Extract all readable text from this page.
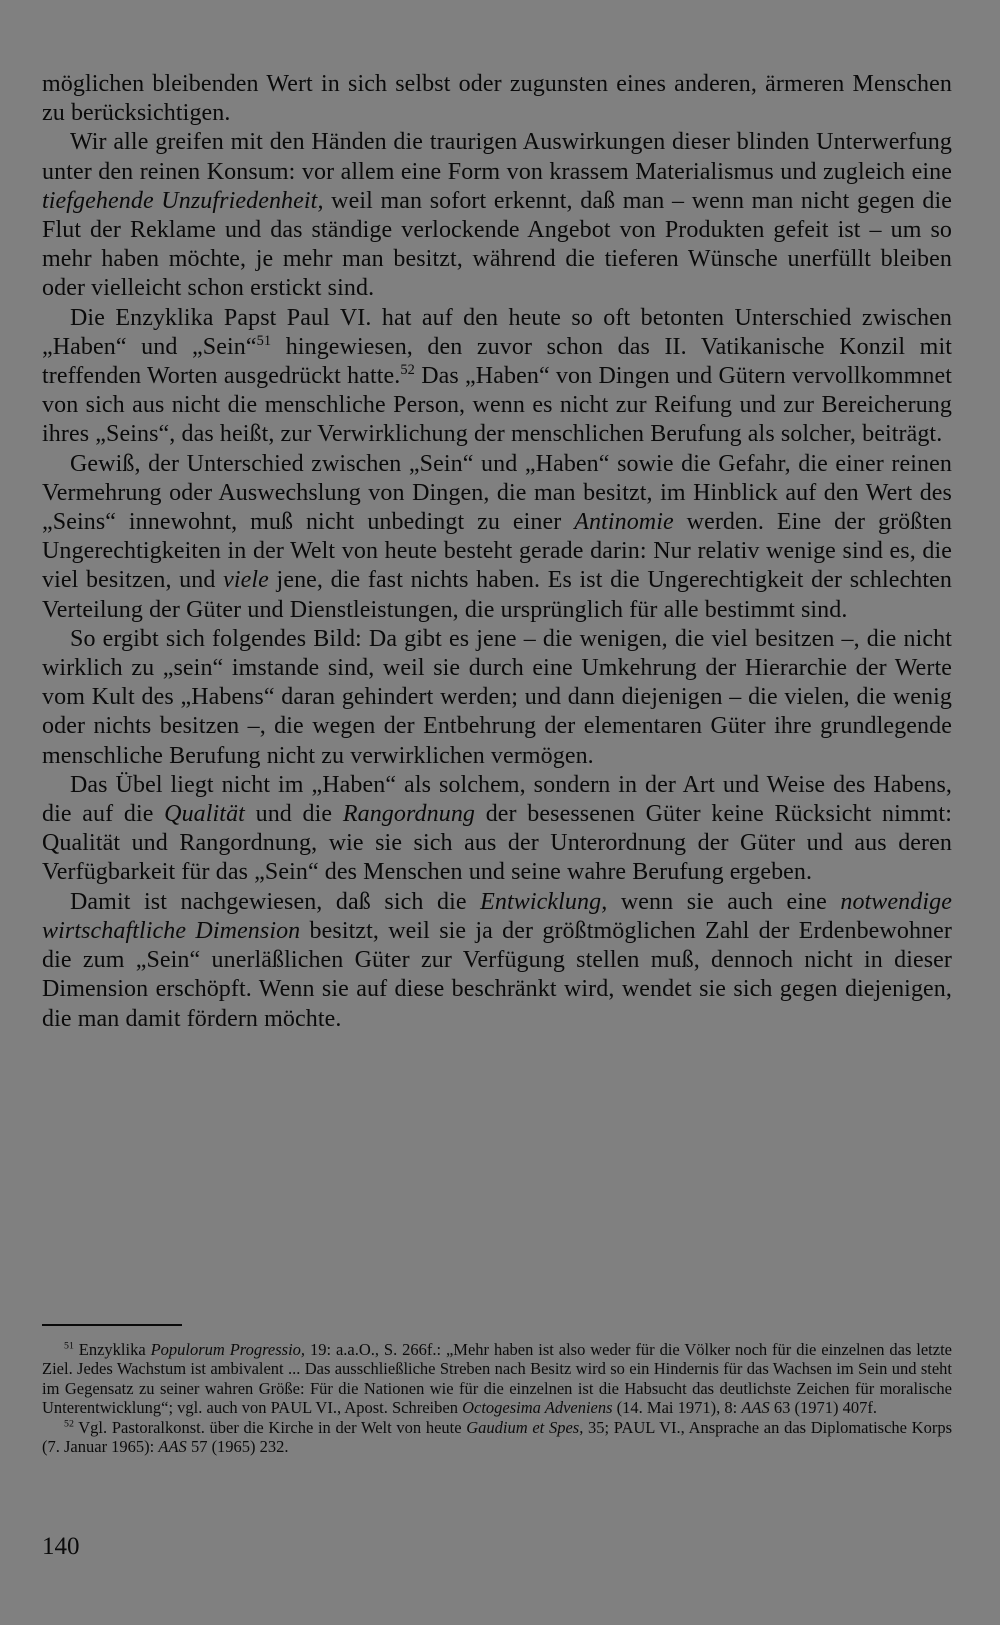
möglichen bleibenden Wert in sich selbst oder zugunsten eines anderen, ärmeren Menschen zu berücksichtigen.

Wir alle greifen mit den Händen die traurigen Auswirkungen dieser blinden Unterwerfung unter den reinen Konsum: vor allem eine Form von krassem Materialismus und zugleich eine tiefgehende Unzufriedenheit, weil man sofort erkennt, daß man – wenn man nicht gegen die Flut der Reklame und das ständige verlockende Angebot von Produkten gefeit ist – um so mehr haben möchte, je mehr man besitzt, während die tieferen Wünsche unerfüllt bleiben oder vielleicht schon erstickt sind.

Die Enzyklika Papst Paul VI. hat auf den heute so oft betonten Unterschied zwischen „Haben“ und „Sein“$^{51}$ hingewiesen, den zuvor schon das II. Vatikanische Konzil mit treffenden Worten ausgedrückt hatte.$^{52}$ Das „Haben“ von Dingen und Gütern vervollkommnet von sich aus nicht die menschliche Person, wenn es nicht zur Reifung und zur Bereicherung ihres „Seins“, das heißt, zur Verwirklichung der menschlichen Berufung als solcher, beiträgt.

Gewiß, der Unterschied zwischen „Sein“ und „Haben“ sowie die Gefahr, die einer reinen Vermehrung oder Auswechslung von Dingen, die man besitzt, im Hinblick auf den Wert des „Seins“ innewohnt, muß nicht unbedingt zu einer Antinomie werden. Eine der größten Ungerechtigkeiten in der Welt von heute besteht gerade darin: Nur relativ wenige sind es, die viel besitzen, und viele jene, die fast nichts haben. Es ist die Ungerechtigkeit der schlechten Verteilung der Güter und Dienstleistungen, die ursprünglich für alle bestimmt sind.

So ergibt sich folgendes Bild: Da gibt es jene – die wenigen, die viel besitzen –, die nicht wirklich zu „sein“ imstande sind, weil sie durch eine Umkehrung der Hierarchie der Werte vom Kult des „Habens“ daran gehindert werden; und dann diejenigen – die vielen, die wenig oder nichts besitzen –, die wegen der Entbehrung der elementaren Güter ihre grundlegende menschliche Berufung nicht zu verwirklichen vermögen.

Das Übel liegt nicht im „Haben“ als solchem, sondern in der Art und Weise des Habens, die auf die Qualität und die Rangordnung der besessenen Güter keine Rücksicht nimmt: Qualität und Rangordnung, wie sie sich aus der Unterordnung der Güter und aus deren Verfügbarkeit für das „Sein“ des Menschen und seine wahre Berufung ergeben.

Damit ist nachgewiesen, daß sich die Entwicklung, wenn sie auch eine notwendige wirtschaftliche Dimension besitzt, weil sie ja der größtmöglichen Zahl der Erdenbewohner die zum „Sein“ unerläßlichen Güter zur Verfügung stellen muß, dennoch nicht in dieser Dimension erschöpft. Wenn sie auf diese beschränkt wird, wendet sie sich gegen diejenigen, die man damit fördern möchte.

$^{51}$ Enzyklika Populorum Progressio, 19: a.a.O., S. 266f.: „Mehr haben ist also weder für die Völker noch für die einzelnen das letzte Ziel. Jedes Wachstum ist ambivalent ... Das ausschließliche Streben nach Besitz wird so ein Hindernis für das Wachsen im Sein und steht im Gegensatz zu seiner wahren Größe: Für die Nationen wie für die einzelnen ist die Habsucht das deutlichste Zeichen für moralische Unterentwicklung“; vgl. auch von PAUL VI., Apost. Schreiben Octogesima Adveniens (14. Mai 1971), 8: AAS 63 (1971) 407f.

$^{52}$ Vgl. Pastoralkonst. über die Kirche in der Welt von heute Gaudium et Spes, 35; PAUL VI., Ansprache an das Diplomatische Korps (7. Januar 1965): AAS 57 (1965) 232.

140
